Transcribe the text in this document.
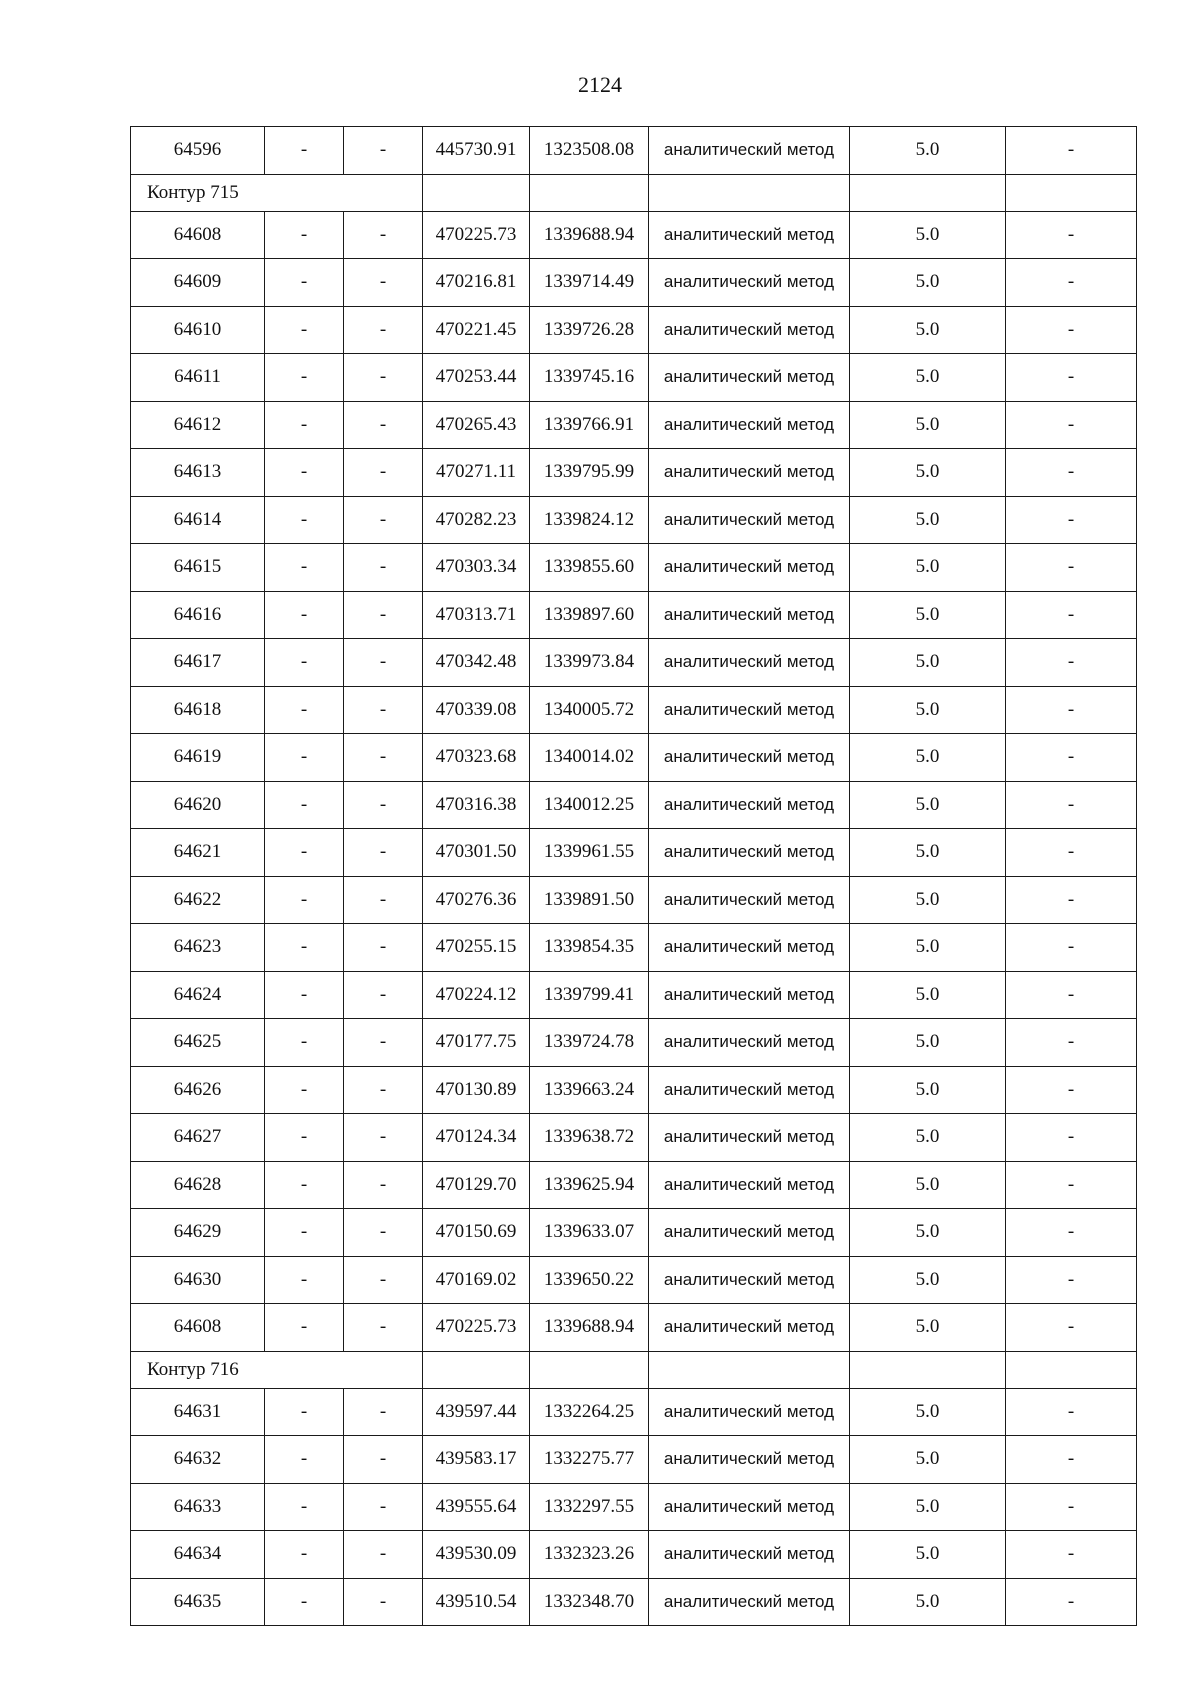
2124
64596	-	-	445730.91	1323508.08	аналитический метод	5.0	-
Контур 715							
64608	-	-	470225.73	1339688.94	аналитический метод	5.0	-
64609	-	-	470216.81	1339714.49	аналитический метод	5.0	-
64610	-	-	470221.45	1339726.28	аналитический метод	5.0	-
64611	-	-	470253.44	1339745.16	аналитический метод	5.0	-
64612	-	-	470265.43	1339766.91	аналитический метод	5.0	-
64613	-	-	470271.11	1339795.99	аналитический метод	5.0	-
64614	-	-	470282.23	1339824.12	аналитический метод	5.0	-
64615	-	-	470303.34	1339855.60	аналитический метод	5.0	-
64616	-	-	470313.71	1339897.60	аналитический метод	5.0	-
64617	-	-	470342.48	1339973.84	аналитический метод	5.0	-
64618	-	-	470339.08	1340005.72	аналитический метод	5.0	-
64619	-	-	470323.68	1340014.02	аналитический метод	5.0	-
64620	-	-	470316.38	1340012.25	аналитический метод	5.0	-
64621	-	-	470301.50	1339961.55	аналитический метод	5.0	-
64622	-	-	470276.36	1339891.50	аналитический метод	5.0	-
64623	-	-	470255.15	1339854.35	аналитический метод	5.0	-
64624	-	-	470224.12	1339799.41	аналитический метод	5.0	-
64625	-	-	470177.75	1339724.78	аналитический метод	5.0	-
64626	-	-	470130.89	1339663.24	аналитический метод	5.0	-
64627	-	-	470124.34	1339638.72	аналитический метод	5.0	-
64628	-	-	470129.70	1339625.94	аналитический метод	5.0	-
64629	-	-	470150.69	1339633.07	аналитический метод	5.0	-
64630	-	-	470169.02	1339650.22	аналитический метод	5.0	-
64608	-	-	470225.73	1339688.94	аналитический метод	5.0	-
Контур 716							
64631	-	-	439597.44	1332264.25	аналитический метод	5.0	-
64632	-	-	439583.17	1332275.77	аналитический метод	5.0	-
64633	-	-	439555.64	1332297.55	аналитический метод	5.0	-
64634	-	-	439530.09	1332323.26	аналитический метод	5.0	-
64635	-	-	439510.54	1332348.70	аналитический метод	5.0	-
